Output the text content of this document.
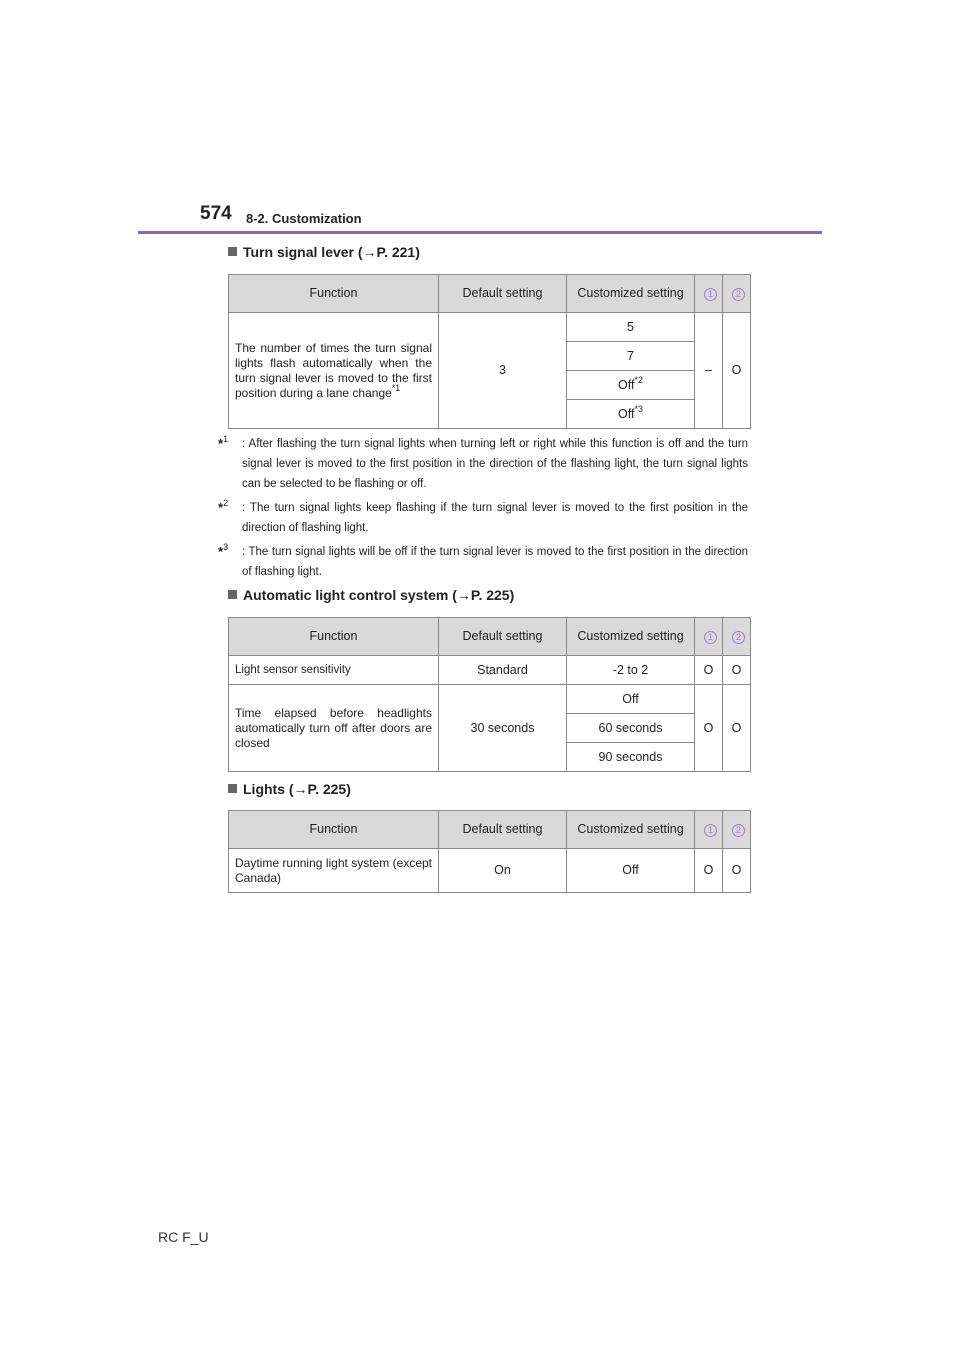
574 8-2. Customization
Turn signal lever (→P. 221)
Function	Default setting	Customized setting	1	2
The number of times the turn signal lights flash automatically when the turn signal lever is moved to the first position during a lane change$^{*1}$	3	5	–	O
		7		
		Off$^{*2}$
		Off$^{*3}$
*$^1$ : After flashing the turn signal lights when turning left or right while this function is off and the turn signal lever is moved to the first position in the direction of the flashing light, the turn signal lights can be selected to be flashing or off.
*$^2$ : The turn signal lights keep flashing if the turn signal lever is moved to the first position in the direction of flashing light.
*$^3$ : The turn signal lights will be off if the turn signal lever is moved to the first position in the direction of flashing light.
Automatic light control system (→P. 225)
Function	Default setting	Customized setting	1	2
Light sensor sensitivity	Standard	-2 to 2	O	O
Time elapsed before headlights automatically turn off after doors are closed	30 seconds	Off	O	O
		60 seconds		
		90 seconds		
Lights (→P. 225)
Function	Default setting	Customized setting	1	2
Daytime running light system (except Canada)	On	Off	O	O
RC F_U
